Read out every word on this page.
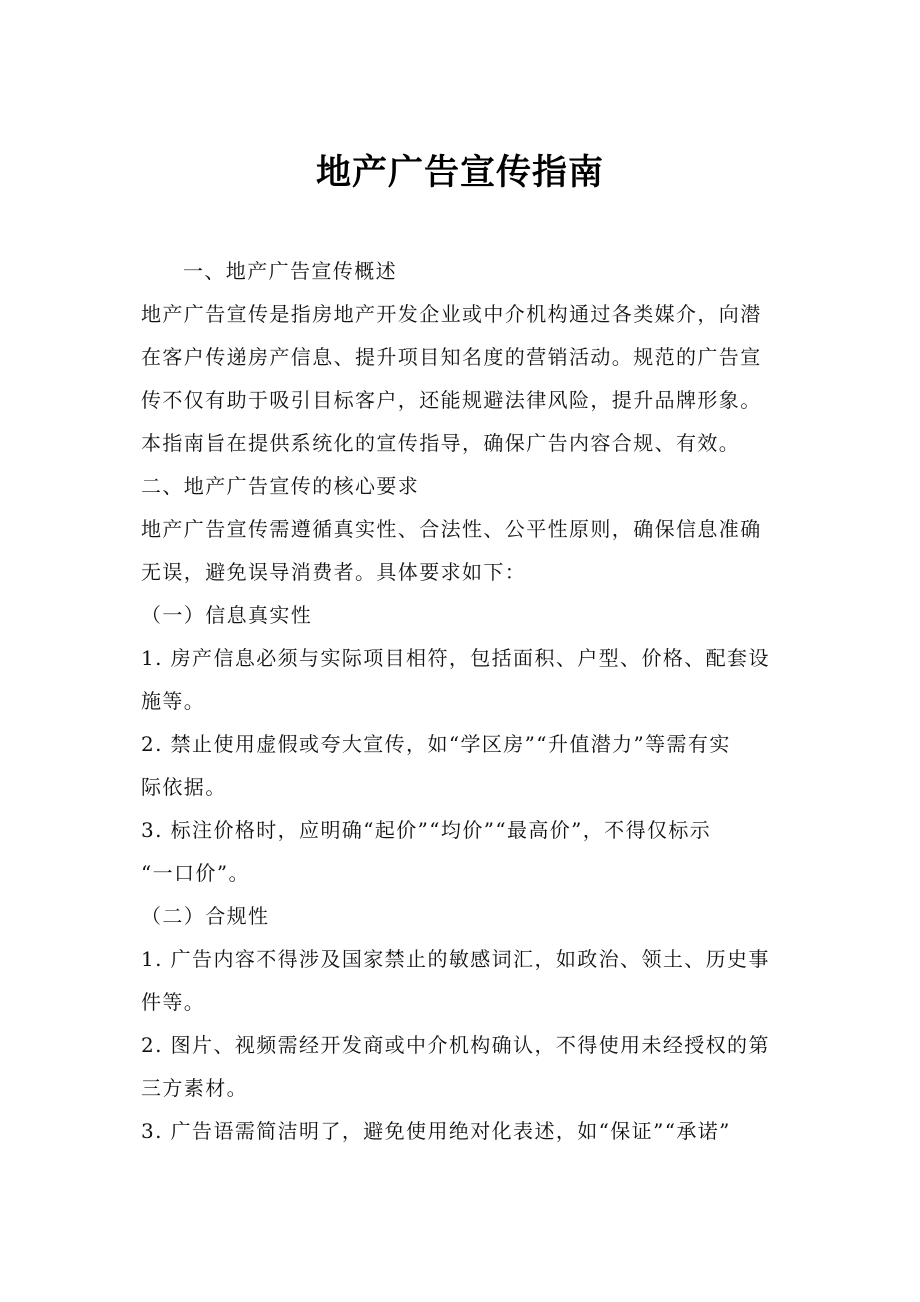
地产广告宣传指南
一、地产广告宣传概述
地产广告宣传是指房地产开发企业或中介机构通过各类媒介，向潜
在客户传递房产信息、提升项目知名度的营销活动。规范的广告宣
传不仅有助于吸引目标客户，还能规避法律风险，提升品牌形象。
本指南旨在提供系统化的宣传指导，确保广告内容合规、有效。
二、地产广告宣传的核心要求
地产广告宣传需遵循真实性、合法性、公平性原则，确保信息准确
无误，避免误导消费者。具体要求如下：
（一）信息真实性
1. 房产信息必须与实际项目相符，包括面积、户型、价格、配套设
施等。
2. 禁止使用虚假或夸大宣传，如“学区房”“升值潜力”等需有实
际依据。
3. 标注价格时，应明确“起价”“均价”“最高价”，不得仅标示
“一口价”。
（二）合规性
1. 广告内容不得涉及国家禁止的敏感词汇，如政治、领土、历史事
件等。
2. 图片、视频需经开发商或中介机构确认，不得使用未经授权的第
三方素材。
3. 广告语需简洁明了，避免使用绝对化表述，如“保证”“承诺”
